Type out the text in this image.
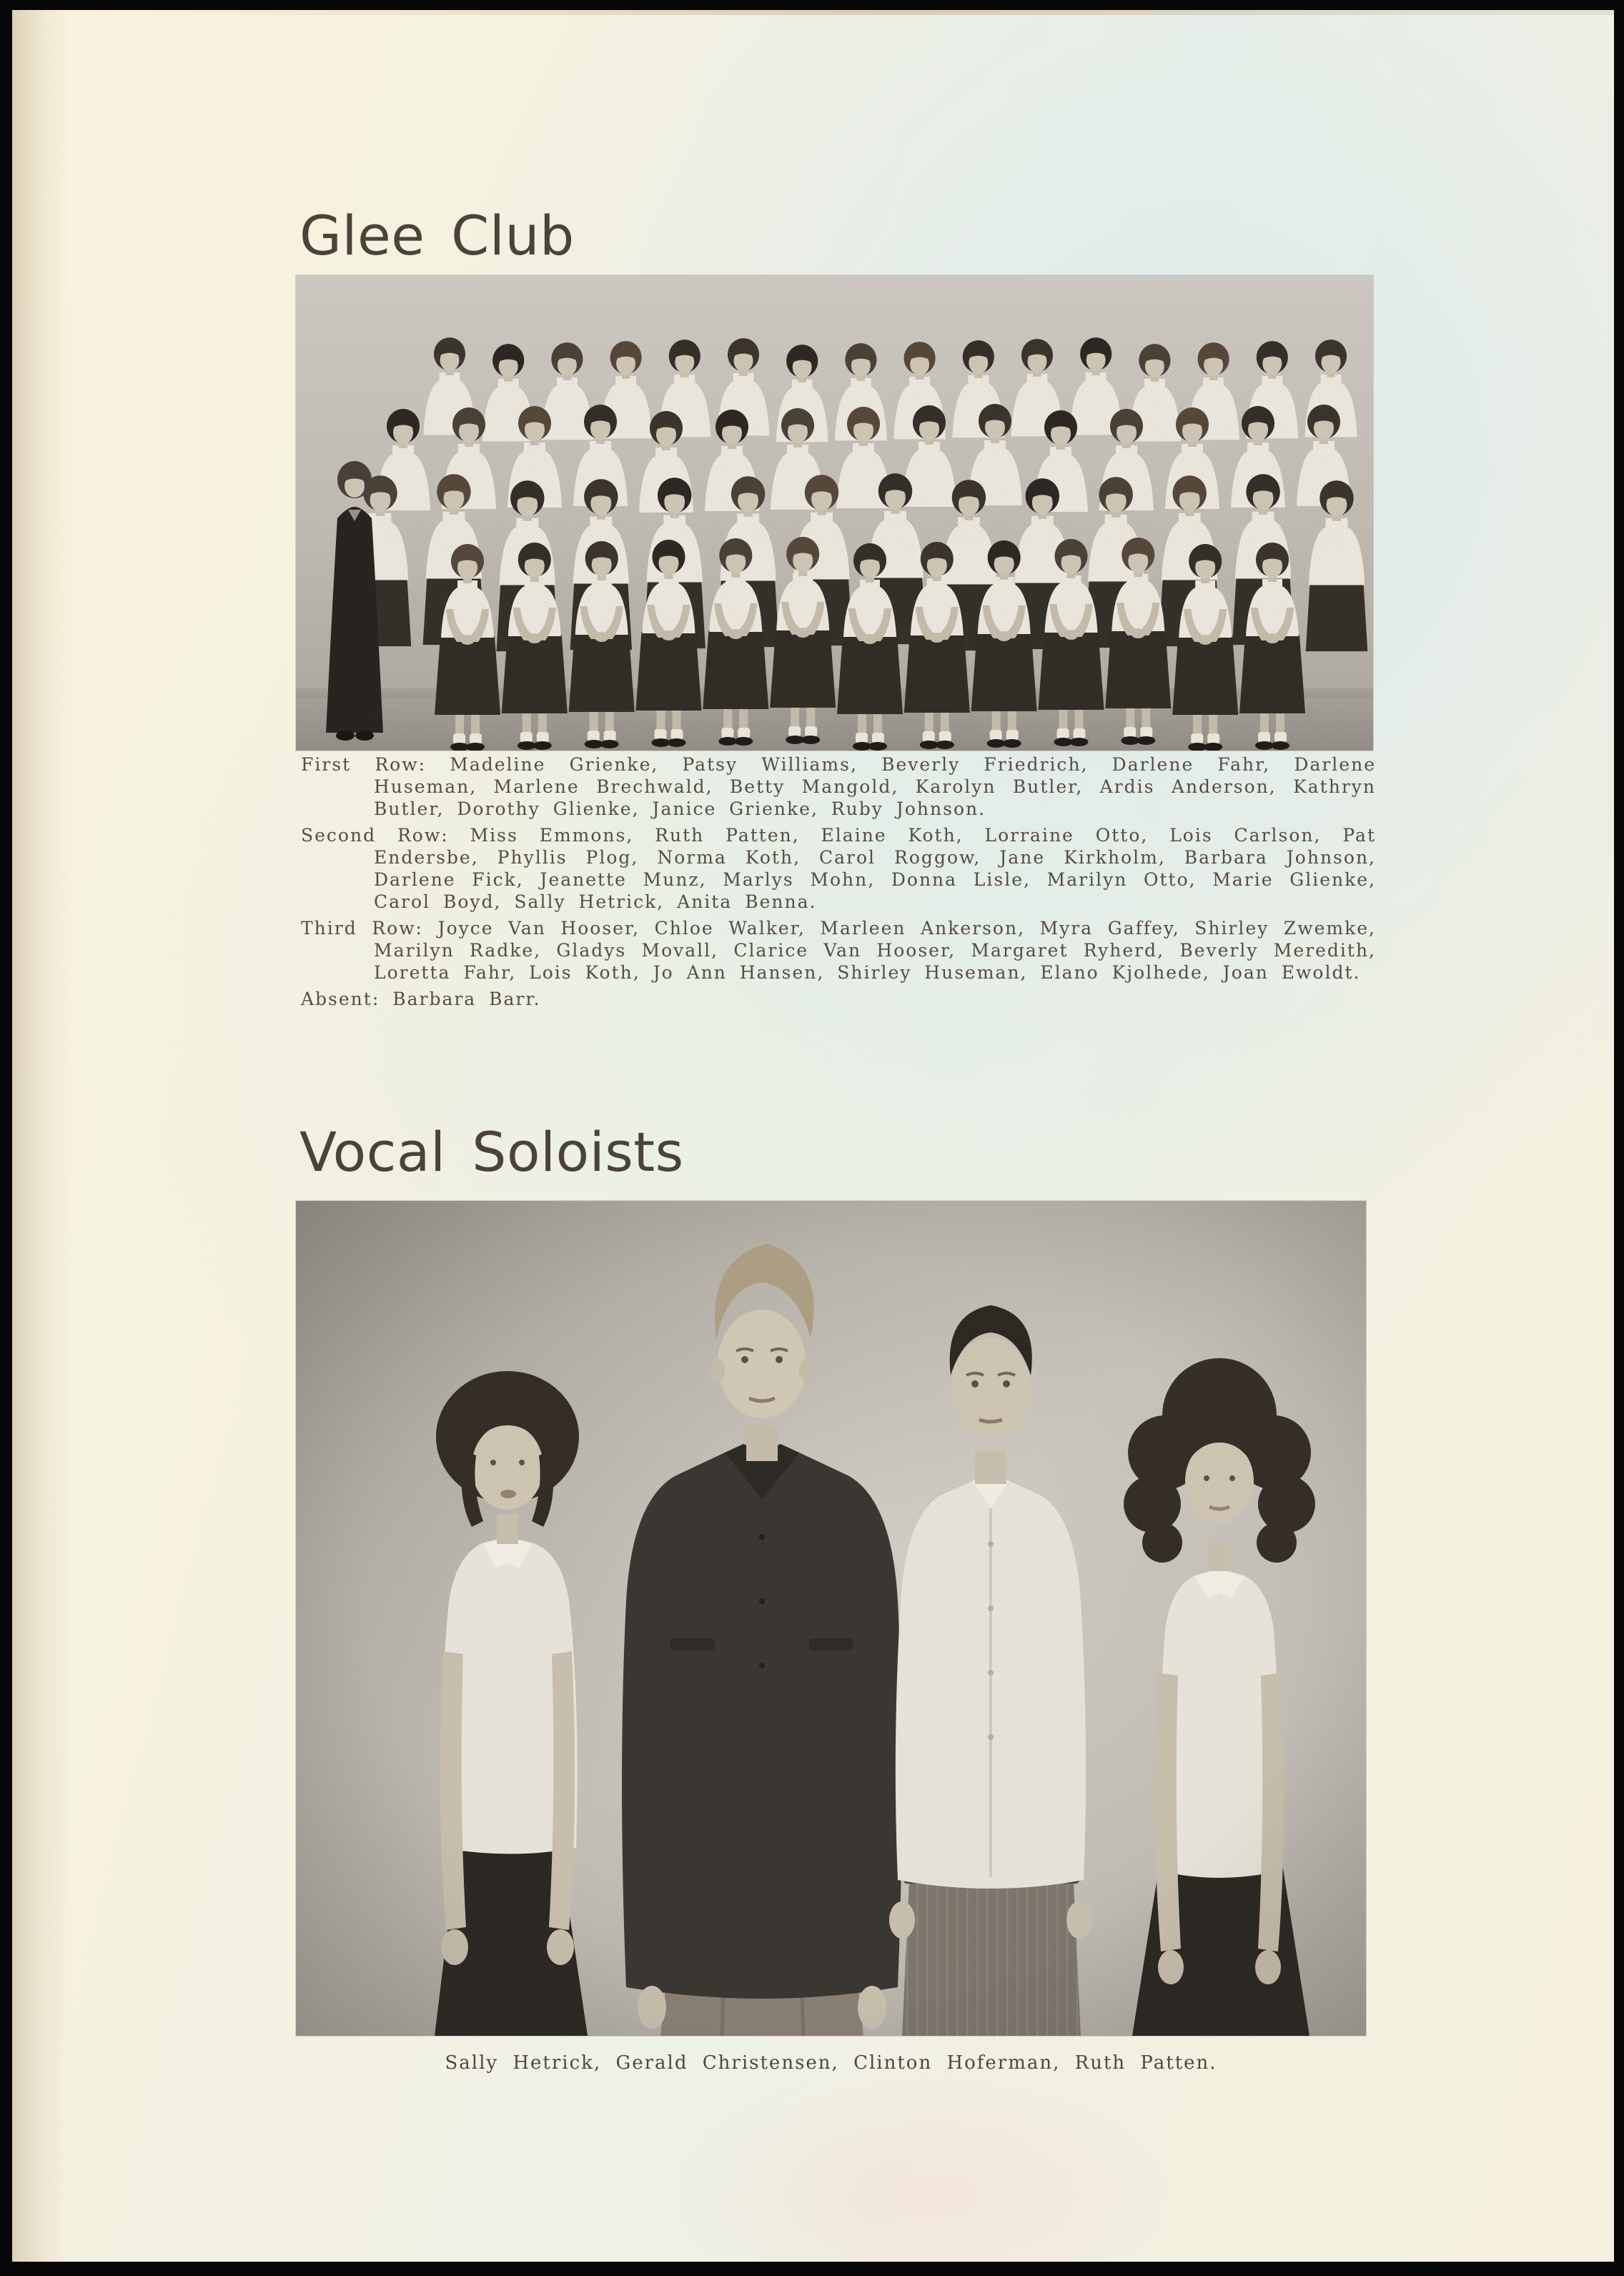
Glee Club

First Row: Madeline Grienke, Patsy Williams, Beverly Friedrich, Darlene Fahr, Darlene Huseman, Marlene Brechwald, Betty Mangold, Karolyn Butler, Ardis Anderson, Kathryn Butler, Dorothy Glienke, Janice Grienke, Ruby Johnson.

Second Row: Miss Emmons, Ruth Patten, Elaine Koth, Lorraine Otto, Lois Carlson, Pat Endersbe, Phyllis Plog, Norma Koth, Carol Roggow, Jane Kirkholm, Barbara Johnson, Darlene Fick, Jeanette Munz, Marlys Mohn, Donna Lisle, Marilyn Otto, Marie Glienke, Carol Boyd, Sally Hetrick, Anita Benna.

Third Row: Joyce Van Hooser, Chloe Walker, Marleen Ankerson, Myra Gaffey, Shirley Zwemke, Marilyn Radke, Gladys Movall, Clarice Van Hooser, Margaret Ryherd, Beverly Meredith, Loretta Fahr, Lois Koth, Jo Ann Hansen, Shirley Huseman, Elano Kjolhede, Joan Ewoldt.

Absent: Barbara Barr.

Vocal Soloists

Sally Hetrick, Gerald Christensen, Clinton Hoferman, Ruth Patten.
